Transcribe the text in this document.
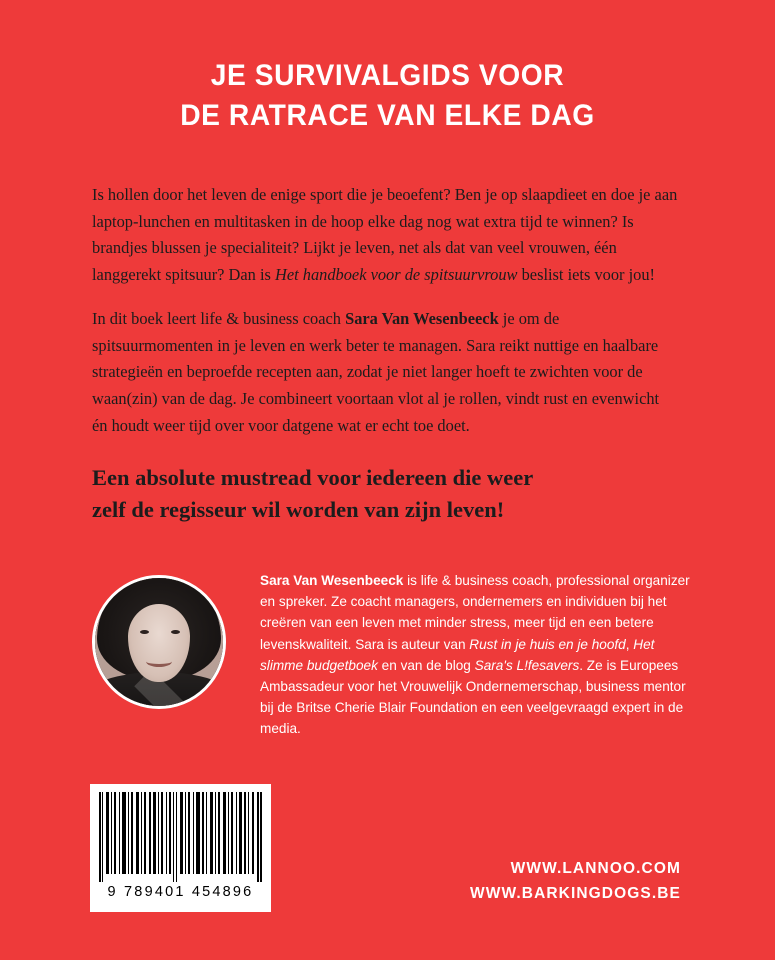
JE SURVIVALGIDS VOOR
DE RATRACE VAN ELKE DAG

Is hollen door het leven de enige sport die je beoefent? Ben je op slaapdieet en doe je aan laptop-lunchen en multitasken in de hoop elke dag nog wat extra tijd te winnen? Is brandjes blussen je specialiteit? Lijkt je leven, net als dat van veel vrouwen, één langgerekt spitsuur? Dan is Het handboek voor de spitsuurvrouw beslist iets voor jou!

In dit boek leert life & business coach Sara Van Wesenbeeck je om de spitsuurmomenten in je leven en werk beter te managen. Sara reikt nuttige en haalbare strategieën en beproefde recepten aan, zodat je niet langer hoeft te zwichten voor de waan(zin) van de dag. Je combineert voortaan vlot al je rollen, vindt rust en evenwicht én houdt weer tijd over voor datgene wat er echt toe doet.

Een absolute mustread voor iedereen die weer
zelf de regisseur wil worden van zijn leven!
Sara Van Wesenbeeck is life & business coach, professional organizer en spreker. Ze coacht managers, ondernemers en individuen bij het creëren van een leven met minder stress, meer tijd en een betere levenskwaliteit. Sara is auteur van Rust in je huis en je hoofd, Het slimme budgetboek en van de blog Sara's L!fesavers. Ze is Europees Ambassadeur voor het Vrouwelijk Ondernemerschap, business mentor bij de Britse Cherie Blair Foundation en een veelgevraagd expert in de media.
9 789401 454896
WWW.LANNOO.COM
WWW.BARKINGDOGS.BE
